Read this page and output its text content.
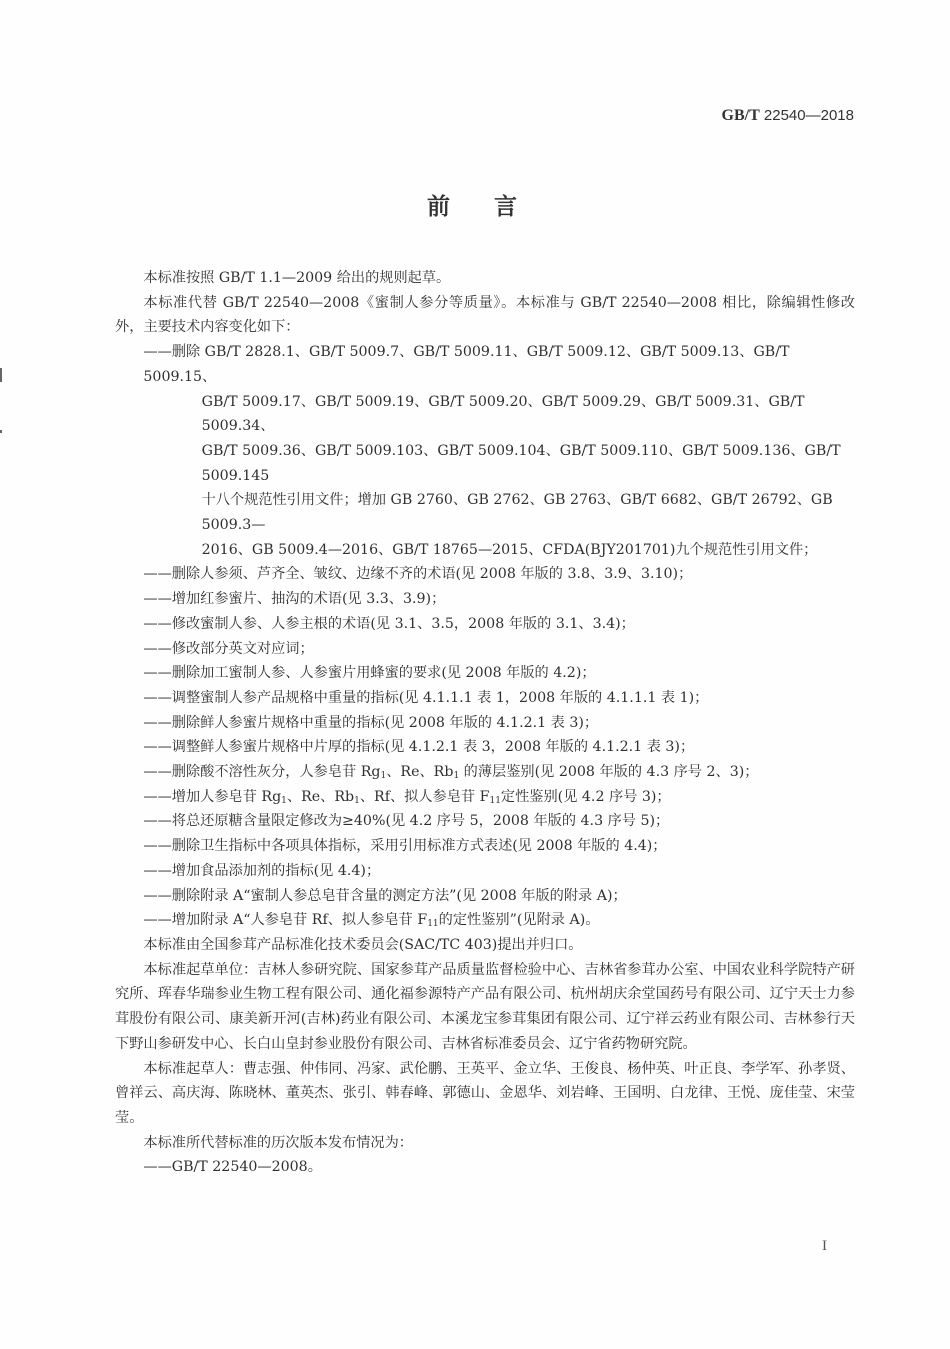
GB/T 22540—2018
前言

本标准按照 GB/T 1.1—2009 给出的规则起草。

本标准代替 GB/T 22540—2008《蜜制人参分等质量》。本标准与 GB/T 22540—2008 相比，除编辑性修改外，主要技术内容变化如下：

——删除 GB/T 2828.1、GB/T 5009.7、GB/T 5009.11、GB/T 5009.12、GB/T 5009.13、GB/T 5009.15、
GB/T 5009.17、GB/T 5009.19、GB/T 5009.20、GB/T 5009.29、GB/T 5009.31、GB/T 5009.34、
GB/T 5009.36、GB/T 5009.103、GB/T 5009.104、GB/T 5009.110、GB/T 5009.136、GB/T 5009.145
十八个规范性引用文件；增加 GB 2760、GB 2762、GB 2763、GB/T 6682、GB/T 26792、GB 5009.3—
2016、GB 5009.4—2016、GB/T 18765—2015、CFDA(BJY201701)九个规范性引用文件；

——删除人参须、芦齐全、皱纹、边缘不齐的术语(见 2008 年版的 3.8、3.9、3.10)；

——增加红参蜜片、抽沟的术语(见 3.3、3.9)；

——修改蜜制人参、人参主根的术语(见 3.1、3.5，2008 年版的 3.1、3.4)；

——修改部分英文对应词；

——删除加工蜜制人参、人参蜜片用蜂蜜的要求(见 2008 年版的 4.2)；

——调整蜜制人参产品规格中重量的指标(见 4.1.1.1 表 1，2008 年版的 4.1.1.1 表 1)；

——删除鲜人参蜜片规格中重量的指标(见 2008 年版的 4.1.2.1 表 3)；

——调整鲜人参蜜片规格中片厚的指标(见 4.1.2.1 表 3，2008 年版的 4.1.2.1 表 3)；

——删除酸不溶性灰分，人参皂苷 $Rg_1$、Re、$Rb_1$ 的薄层鉴别(见 2008 年版的 4.3 序号 2、3)；

——增加人参皂苷 $Rg_1$、Re、$Rb_1$、Rf、拟人参皂苷 $F_{11}$定性鉴别(见 4.2 序号 3)；

——将总还原糖含量限定修改为≥40%(见 4.2 序号 5，2008 年版的 4.3 序号 5)；

——删除卫生指标中各项具体指标，采用引用标准方式表述(见 2008 年版的 4.4)；

——增加食品添加剂的指标(见 4.4)；

——删除附录 A“蜜制人参总皂苷含量的测定方法”(见 2008 年版的附录 A)；

——增加附录 A“人参皂苷 Rf、拟人参皂苷 $F_{11}$的定性鉴别”(见附录 A)。

本标准由全国参茸产品标准化技术委员会(SAC/TC 403)提出并归口。

本标准起草单位：吉林人参研究院、国家参茸产品质量监督检验中心、吉林省参茸办公室、中国农业科学院特产研究所、珲春华瑞参业生物工程有限公司、通化福参源特产产品有限公司、杭州胡庆余堂国药号有限公司、辽宁天士力参茸股份有限公司、康美新开河(吉林)药业有限公司、本溪龙宝参茸集团有限公司、辽宁祥云药业有限公司、吉林参行天下野山参研发中心、长白山皇封参业股份有限公司、吉林省标准委员会、辽宁省药物研究院。

本标准起草人：曹志强、仲伟同、冯家、武伦鹏、王英平、金立华、王俊良、杨仲英、叶正良、李学军、孙孝贤、曾祥云、高庆海、陈晓林、董英杰、张引、韩春峰、郭德山、金恩华、刘岩峰、王国明、白龙律、王悦、庞佳莹、宋莹莹。

本标准所代替标准的历次版本发布情况为：

——GB/T 22540—2008。

I
